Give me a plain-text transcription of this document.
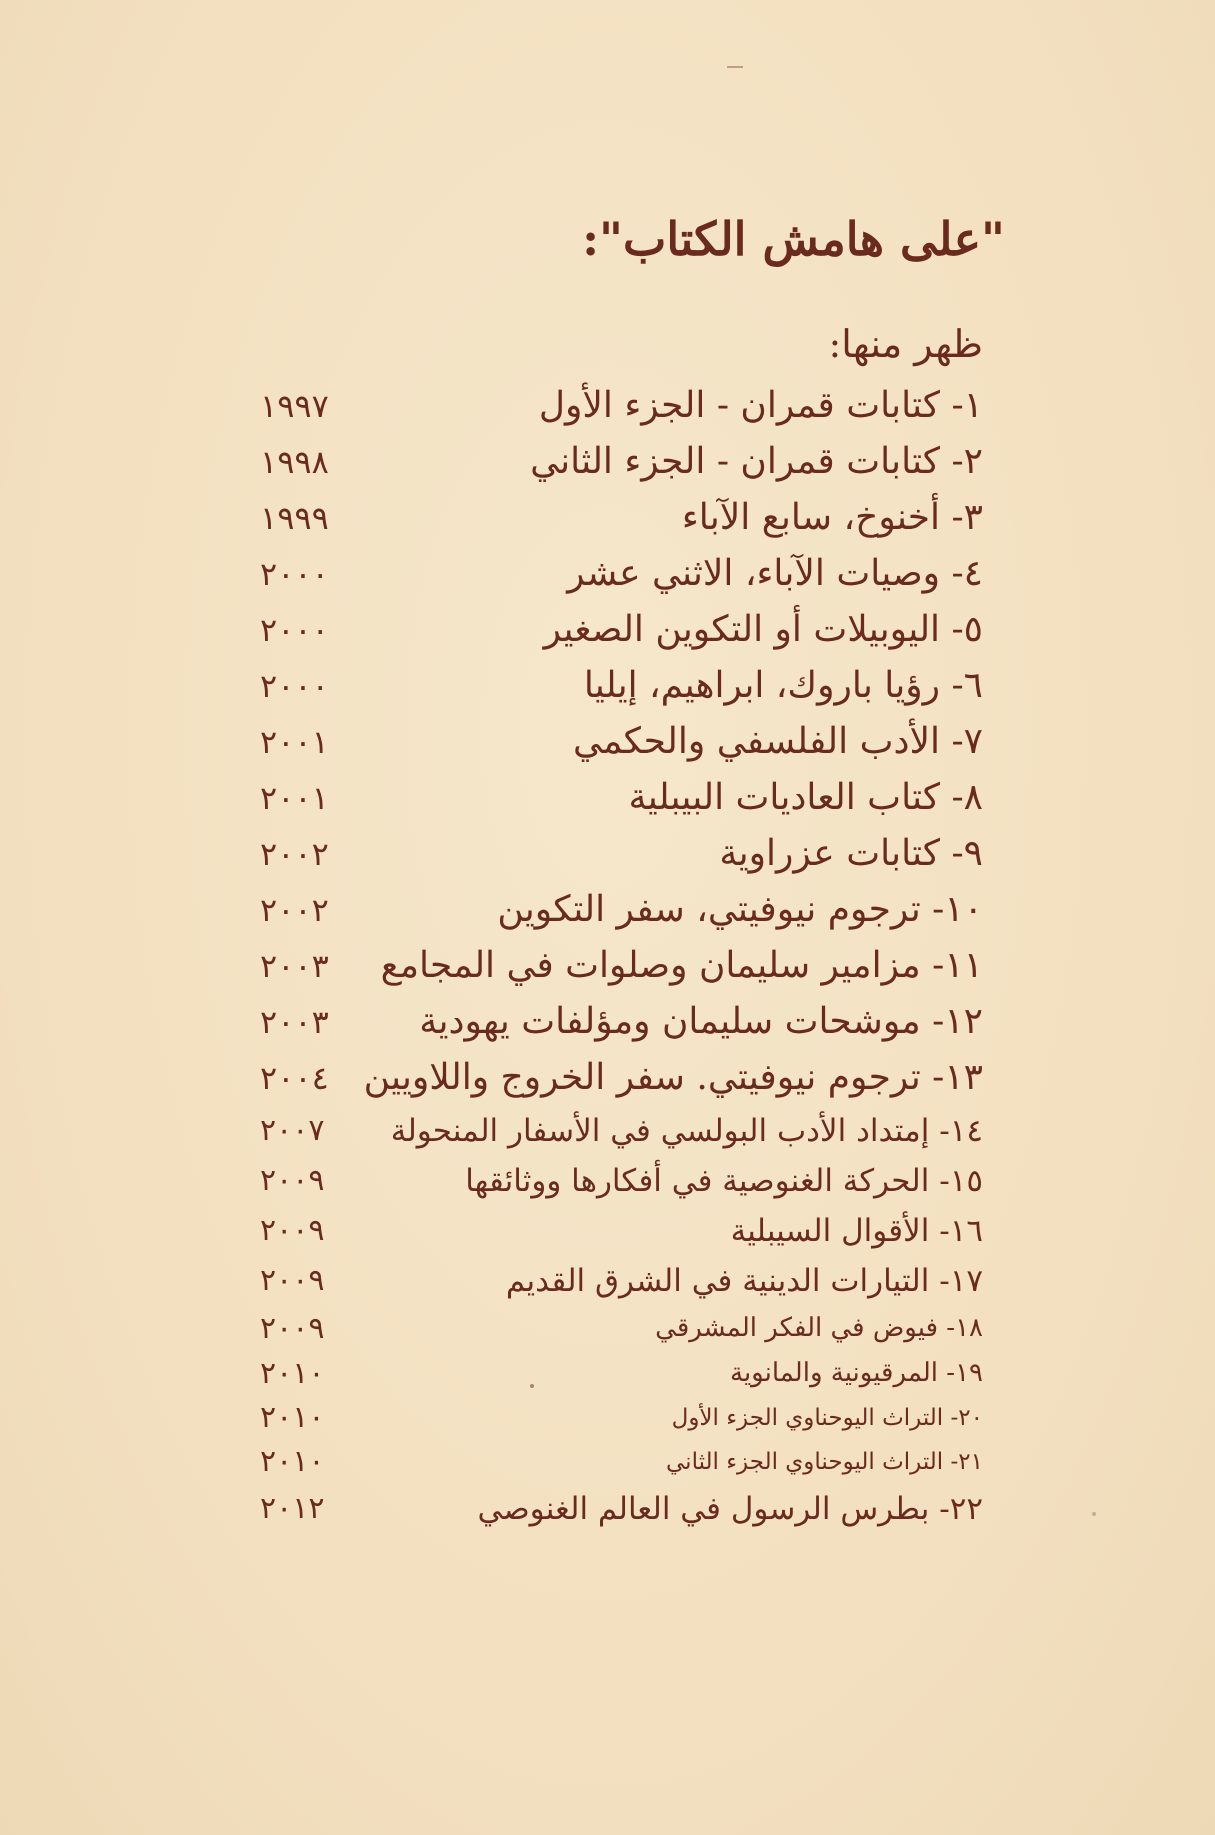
"على هامش الكتاب":

ظهر منها:

١- كتابات قمران - الجزء الأول
١٩٩٧
٢- كتابات قمران - الجزء الثاني
١٩٩٨
٣- أخنوخ، سابع الآباء
١٩٩٩
٤- وصيات الآباء، الاثني عشر
٢٠٠٠
٥- اليوبيلات أو التكوين الصغير
٢٠٠٠
٦- رؤيا باروك، ابراهيم، إيليا
٢٠٠٠
٧- الأدب الفلسفي والحكمي
٢٠٠١
٨- كتاب العاديات البيبلية
٢٠٠١
٩- كتابات عزراوية
٢٠٠٢
١٠- ترجوم نيوفيتي، سفر التكوين
٢٠٠٢
١١- مزامير سليمان وصلوات في المجامع
٢٠٠٣
١٢- موشحات سليمان ومؤلفات يهودية
٢٠٠٣
١٣- ترجوم نيوفيتي. سفر الخروج واللاويين
٢٠٠٤
١٤- إمتداد الأدب البولسي في الأسفار المنحولة
٢٠٠٧
١٥- الحركة الغنوصية في أفكارها ووثائقها
٢٠٠٩
١٦- الأقوال السيبلية
٢٠٠٩
١٧- التيارات الدينية في الشرق القديم
٢٠٠٩
١٨- فيوض في الفكر المشرقي
٢٠٠٩
١٩- المرقيونية والمانوية
٢٠١٠
٢٠- التراث اليوحناوي الجزء الأول
٢٠١٠
٢١- التراث اليوحناوي الجزء الثاني
٢٠١٠
٢٢- بطرس الرسول في العالم الغنوصي
٢٠١٢
